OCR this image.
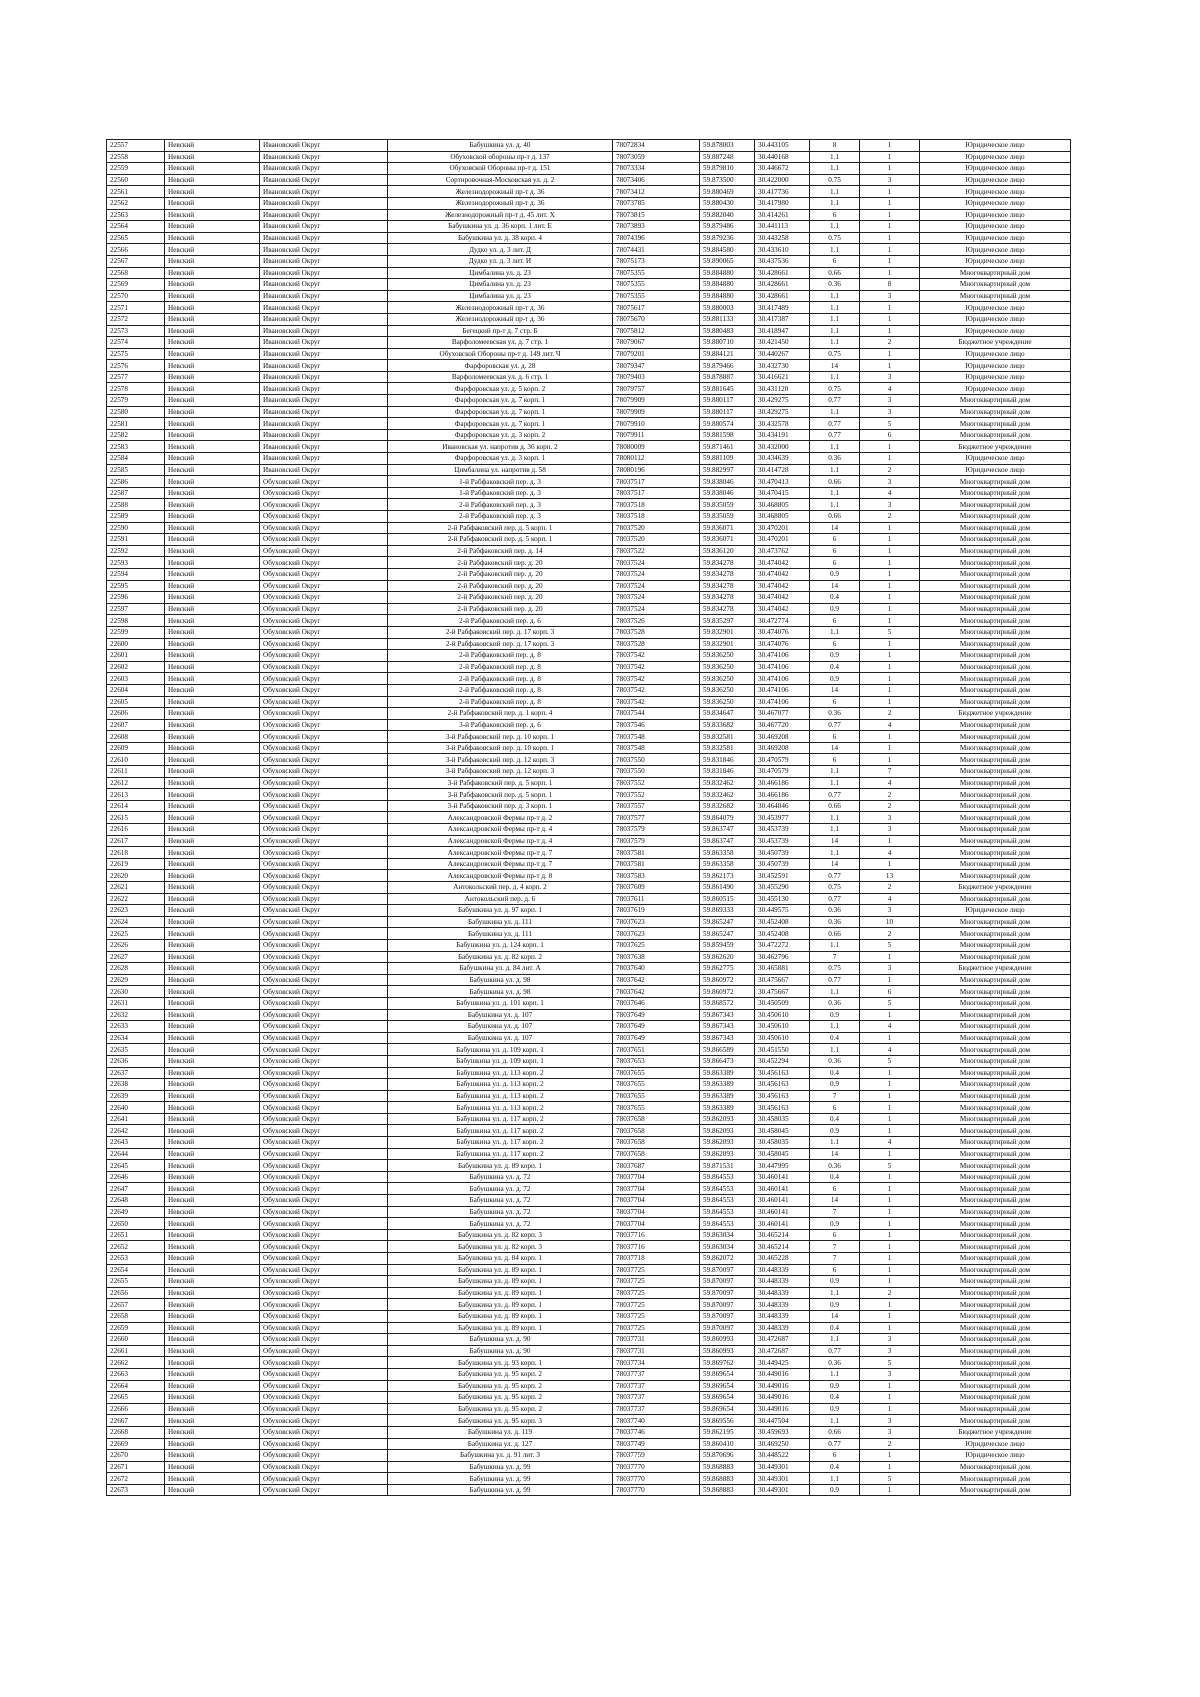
22557	Невский	Ивановский Округ	Бабушкина ул. д. 40	78072834	59.878003	30.443105	8	1	Юридическое лицо
22558	Невский	Ивановский Округ	Обуховской обороны пр-т д. 137	78073059	59.887248	30.440168	1.1	1	Юридическое лицо
22559	Невский	Ивановский Округ	Обуховской Обороны пр-т д. 151	78073334	59.879810	30.446672	1.1	1	Юридическое лицо
22560	Невский	Ивановский Округ	Сортировочная-Московская ул. д. 2	78073406	59.873500	30.422000	0.75	3	Юридическое лицо
22561	Невский	Ивановский Округ	Железнодорожный пр-т д. 36	78073412	59.880469	30.417736	1.1	1	Юридическое лицо
22562	Невский	Ивановский Округ	Железнодорожный пр-т д. 36	78073785	59.880430	30.417980	1.1	1	Юридическое лицо
22563	Невский	Ивановский Округ	Железнодорожный пр-т д. 45 лит. Х	78073815	59.882040	30.414261	6	1	Юридическое лицо
22564	Невский	Ивановский Округ	Бабушкина ул. д. 36 корп. 1 лит. Е	78073893	59.879486	30.441113	1.1	1	Юридическое лицо
22565	Невский	Ивановский Округ	Бабушкина ул. д. 38 корп. 4	78074396	59.879236	30.443258	0.75	1	Юридическое лицо
22566	Невский	Ивановский Округ	Дудко ул. д. 3 лит. Д	78074431	59.884580	30.433610	1.1	1	Юридическое лицо
22567	Невский	Ивановский Округ	Дудко ул. д. 3 лит. И	78075173	59.890065	30.437536	6	1	Юридическое лицо
22568	Невский	Ивановский Округ	Цимбалина ул. д. 23	78075355	59.884880	30.428661	0.66	1	Многоквартирный дом
22569	Невский	Ивановский Округ	Цимбалина ул. д. 23	78075355	59.884880	30.428661	0.36	8	Многоквартирный дом
22570	Невский	Ивановский Округ	Цимбалина ул. д. 23	78075355	59.884880	30.428661	1.1	3	Многоквартирный дом
22571	Невский	Ивановский Округ	Железнодорожный пр-т д. 36	78075617	59.880003	30.417489	1.1	1	Юридическое лицо
22572	Невский	Ивановский Округ	Железнодорожный пр-т д. 36	78075670	59.881133	30.417387	1.1	1	Юридическое лицо
22573	Невский	Ивановский Округ	Бегецкий пр-т д. 7 стр. Б	78075812	59.880483	30.418947	1.1	1	Юридическое лицо
22574	Невский	Ивановский Округ	Варфоломеевская ул. д. 7 стр. 1	78079067	59.880710	30.421450	1.1	2	Бюджетное учреждение
22575	Невский	Ивановский Округ	Обуховской Обороны пр-т д. 149 лит. Ч	78079201	59.884121	30.440267	0.75	1	Юридическое лицо
22576	Невский	Ивановский Округ	Фарфоровская ул. д. 28	78079347	59.879466	30.432730	14	1	Юридическое лицо
22577	Невский	Ивановский Округ	Варфоломеевская ул. д. 6 стр. 1	78079403	59.878887	30.416621	1.1	3	Юридическое лицо
22578	Невский	Ивановский Округ	Фарфоровская ул. д. 5 корп. 2	78079757	59.881645	30.431120	0.75	4	Юридическое лицо
22579	Невский	Ивановский Округ	Фарфоровская ул. д. 7 корп. 1	78079909	59.880117	30.429275	0.77	3	Многоквартирный дом
22580	Невский	Ивановский Округ	Фарфоровская ул. д. 7 корп. 1	78079909	59.880117	30.429275	1.1	3	Многоквартирный дом
22581	Невский	Ивановский Округ	Фарфоровская ул. д. 7 корп. 1	78079910	59.880574	30.432578	0.77	5	Многоквартирный дом
22582	Невский	Ивановский Округ	Фарфоровская ул. д. 3 корп. 2	78079911	59.881598	30.434191	0.77	6	Многоквартирный дом
22583	Невский	Ивановский Округ	Ивановская ул. напротив д. 36 корп. 2	78080009	59.871461	30.432000	1.1	1	Бюджетное учреждение
22584	Невский	Ивановский Округ	Фарфоровская ул. д. 3 корп. 1	78080112	59.881109	30.434639	0.36	1	Юридическое лицо
22585	Невский	Ивановский Округ	Цимбалина ул. напротив д. 58	78080196	59.882997	30.414728	1.1	2	Юридическое лицо
22586	Невский	Обуховский Округ	1-й Рабфаковский пер. д. 3	78037517	59.838046	30.470413	0.66	3	Многоквартирный дом
22587	Невский	Обуховский Округ	1-й Рабфаковский пер. д. 3	78037517	59.838046	30.470415	1.1	4	Многоквартирный дом
22588	Невский	Обуховский Округ	2-й Рабфаковский пер. д. 3	78037518	59.835059	30.468805	1.1	3	Многоквартирный дом
22589	Невский	Обуховский Округ	2-й Рабфаковский пер. д. 3	78037518	59.835059	30.468805	0.66	2	Многоквартирный дом
22590	Невский	Обуховский Округ	2-й Рабфаковский пер. д. 5 корп. 1	78037520	59.836071	30.470201	14	1	Многоквартирный дом
22591	Невский	Обуховский Округ	2-й Рабфаковский пер. д. 5 корп. 1	78037520	59.836071	30.470201	6	1	Многоквартирный дом
22592	Невский	Обуховский Округ	2-й Рабфаковский пер. д. 14	78037522	59.836120	30.473762	6	1	Многоквартирный дом
22593	Невский	Обуховский Округ	2-й Рабфаковский пер. д. 20	78037524	59.834278	30.474042	6	1	Многоквартирный дом
22594	Невский	Обуховский Округ	2-й Рабфаковский пер. д. 20	78037524	59.834278	30.474042	0.9	1	Многоквартирный дом
22595	Невский	Обуховский Округ	2-й Рабфаковский пер. д. 20	78037524	59.834278	30.474042	14	1	Многоквартирный дом
22596	Невский	Обуховский Округ	2-й Рабфаковский пер. д. 20	78037524	59.834278	30.474042	0.4	1	Многоквартирный дом
22597	Невский	Обуховский Округ	2-й Рабфаковский пер. д. 20	78037524	59.834278	30.474042	0.9	1	Многоквартирный дом
22598	Невский	Обуховский Округ	2-й Рабфаковский пер. д. 6	78037526	59.835297	30.472774	6	1	Многоквартирный дом
22599	Невский	Обуховский Округ	2-й Рабфаковский пер. д. 17 корп. 3	78037528	59.832901	30.474076	1.1	5	Многоквартирный дом
22600	Невский	Обуховский Округ	2-й Рабфаковский пер. д. 17 корп. 3	78037528	59.832901	30.474076	6	1	Многоквартирный дом
22601	Невский	Обуховский Округ	2-й Рабфаковский пер. д. 8	78037542	59.836250	30.474106	0.9	1	Многоквартирный дом
22602	Невский	Обуховский Округ	2-й Рабфаковский пер. д. 8	78037542	59.836250	30.474106	0.4	1	Многоквартирный дом
22603	Невский	Обуховский Округ	2-й Рабфаковский пер. д. 8	78037542	59.836250	30.474106	0.9	1	Многоквартирный дом
22604	Невский	Обуховский Округ	2-й Рабфаковский пер. д. 8	78037542	59.836250	30.474106	14	1	Многоквартирный дом
22605	Невский	Обуховский Округ	2-й Рабфаковский пер. д. 8	78037542	59.836250	30.474106	6	1	Многоквартирный дом
22606	Невский	Обуховский Округ	2-й Рабфаковский пер. д. 1 корп. 4	78037544	59.834647	30.467077	0.36	2	Бюджетное учреждение
22607	Невский	Обуховский Округ	3-й Рабфаковский пер. д. 6	78037546	59.833682	30.467720	0.77	4	Многоквартирный дом
22608	Невский	Обуховский Округ	3-й Рабфаковский пер. д. 10 корп. 1	78037548	59.832581	30.469208	6	1	Многоквартирный дом
22609	Невский	Обуховский Округ	3-й Рабфаковский пер. д. 10 корп. 1	78037548	59.832581	30.469208	14	1	Многоквартирный дом
22610	Невский	Обуховский Округ	3-й Рабфаковский пер. д. 12 корп. 3	78037550	59.831846	30.470579	6	1	Многоквартирный дом
22611	Невский	Обуховский Округ	3-й Рабфаковский пер. д. 12 корп. 3	78037550	59.831846	30.470579	1.1	7	Многоквартирный дом
22612	Невский	Обуховский Округ	3-й Рабфаковский пер. д. 5 корп. 1	78037552	59.832462	30.466186	1.1	4	Многоквартирный дом
22613	Невский	Обуховский Округ	3-й Рабфаковский пер. д. 5 корп. 1	78037552	59.832462	30.466186	0.77	2	Многоквартирный дом
22614	Невский	Обуховский Округ	3-й Рабфаковский пер. д. 3 корп. 1	78037557	59.832682	30.464846	0.66	2	Многоквартирный дом
22615	Невский	Обуховский Округ	Александровской Фермы пр-т д. 2	78037577	59.864079	30.453977	1.1	3	Многоквартирный дом
22616	Невский	Обуховский Округ	Александровской Фермы пр-т д. 4	78037579	59.863747	30.453739	1.1	3	Многоквартирный дом
22617	Невский	Обуховский Округ	Александровской Фермы пр-т д. 4	78037579	59.863747	30.453739	14	1	Многоквартирный дом
22618	Невский	Обуховский Округ	Александровской Фермы пр-т д. 7	78037581	59.863358	30.450739	1.1	4	Многоквартирный дом
22619	Невский	Обуховский Округ	Александровской Фермы пр-т д. 7	78037581	59.863358	30.450739	14	1	Многоквартирный дом
22620	Невский	Обуховский Округ	Александровской Фермы пр-т д. 8	78037583	59.862173	30.452591	0.77	13	Многоквартирный дом
22621	Невский	Обуховский Округ	Антокольский пер. д. 4 корп. 2	78037609	59.861490	30.455290	0.75	2	Бюджетное учреждение
22622	Невский	Обуховский Округ	Антокольский пер. д. 6	78037611	59.860515	30.455130	0.77	4	Многоквартирный дом
22623	Невский	Обуховский Округ	Бабушкина ул. д. 97 корп. 1	78037619	59.869333	30.449575	0.36	3	Юридическое лицо
22624	Невский	Обуховский Округ	Бабушкина ул. д. 111	78037623	59.865247	30.452408	0.36	10	Многоквартирный дом
22625	Невский	Обуховский Округ	Бабушкина ул. д. 111	78037623	59.865247	30.452408	0.66	2	Многоквартирный дом
22626	Невский	Обуховский Округ	Бабушкина ул. д. 124 корп. 1	78037625	59.859459	30.472272	1.1	5	Многоквартирный дом
22627	Невский	Обуховский Округ	Бабушкина ул. д. 82 корп. 2	78037638	59.862620	30.462796	7	1	Многоквартирный дом
22628	Невский	Обуховский Округ	Бабушкина ул. д. 84 лит. А	78037640	59.862775	30.465881	0.75	3	Бюджетное учреждение
22629	Невский	Обуховский Округ	Бабушкина ул. д. 98	78037642	59.860972	30.475667	0.77	1	Многоквартирный дом
22630	Невский	Обуховский Округ	Бабушкина ул. д. 98	78037642	59.860972	30.475667	1.1	6	Многоквартирный дом
22631	Невский	Обуховский Округ	Бабушкина ул. д. 101 корп. 1	78037646	59.868572	30.450509	0.36	5	Многоквартирный дом
22632	Невский	Обуховский Округ	Бабушкина ул. д. 107	78037649	59.867343	30.450610	0.9	1	Многоквартирный дом
22633	Невский	Обуховский Округ	Бабушкина ул. д. 107	78037649	59.867343	30.450610	1.1	4	Многоквартирный дом
22634	Невский	Обуховский Округ	Бабушкина ул. д. 107	78037649	59.867343	30.450610	0.4	1	Многоквартирный дом
22635	Невский	Обуховский Округ	Бабушкина ул. д. 109 корп. 1	78037651	59.866589	30.451550	1.1	4	Многоквартирный дом
22636	Невский	Обуховский Округ	Бабушкина ул. д. 109 корп. 1	78037653	59.866473	30.452294	0.36	5	Многоквартирный дом
22637	Невский	Обуховский Округ	Бабушкина ул. д. 113 корп. 2	78037655	59.863389	30.456163	0.4	1	Многоквартирный дом
22638	Невский	Обуховский Округ	Бабушкина ул. д. 113 корп. 2	78037655	59.863389	30.456163	0.9	1	Многоквартирный дом
22639	Невский	Обуховский Округ	Бабушкина ул. д. 113 корп. 2	78037655	59.863389	30.456163	7	1	Многоквартирный дом
22640	Невский	Обуховский Округ	Бабушкина ул. д. 113 корп. 2	78037655	59.863389	30.456163	6	1	Многоквартирный дом
22641	Невский	Обуховский Округ	Бабушкина ул. д. 117 корп. 2	78037658	59.862093	30.458035	0.4	1	Многоквартирный дом
22642	Невский	Обуховский Округ	Бабушкина ул. д. 117 корп. 2	78037658	59.862093	30.458045	0.9	1	Многоквартирный дом
22643	Невский	Обуховский Округ	Бабушкина ул. д. 117 корп. 2	78037658	59.862093	30.458035	1.1	4	Многоквартирный дом
22644	Невский	Обуховский Округ	Бабушкина ул. д. 117 корп. 2	78037658	59.862093	30.458045	14	1	Многоквартирный дом
22645	Невский	Обуховский Округ	Бабушкина ул. д. 89 корп. 1	78037687	59.871531	30.447995	0.36	5	Многоквартирный дом
22646	Невский	Обуховский Округ	Бабушкина ул. д. 72	78037704	59.864553	30.460141	0.4	1	Многоквартирный дом
22647	Невский	Обуховский Округ	Бабушкина ул. д. 72	78037704	59.864553	30.460141	6	1	Многоквартирный дом
22648	Невский	Обуховский Округ	Бабушкина ул. д. 72	78037704	59.864553	30.460141	14	1	Многоквартирный дом
22649	Невский	Обуховский Округ	Бабушкина ул. д. 72	78037704	59.864553	30.460141	7	1	Многоквартирный дом
22650	Невский	Обуховский Округ	Бабушкина ул. д. 72	78037704	59.864553	30.460141	0.9	1	Многоквартирный дом
22651	Невский	Обуховский Округ	Бабушкина ул. д. 82 корп. 3	78037716	59.863034	30.465214	6	1	Многоквартирный дом
22652	Невский	Обуховский Округ	Бабушкина ул. д. 82 корп. 3	78037716	59.863034	30.465214	7	1	Многоквартирный дом
22653	Невский	Обуховский Округ	Бабушкина ул. д. 84 корп. 1	78037718	59.862072	30.465228	7	1	Многоквартирный дом
22654	Невский	Обуховский Округ	Бабушкина ул. д. 89 корп. 1	78037725	59.870097	30.448339	6	1	Многоквартирный дом
22655	Невский	Обуховский Округ	Бабушкина ул. д. 89 корп. 1	78037725	59.870097	30.448339	0.9	1	Многоквартирный дом
22656	Невский	Обуховский Округ	Бабушкина ул. д. 89 корп. 1	78037725	59.870097	30.448339	1.1	2	Многоквартирный дом
22657	Невский	Обуховский Округ	Бабушкина ул. д. 89 корп. 1	78037725	59.870097	30.448339	0.9	1	Многоквартирный дом
22658	Невский	Обуховский Округ	Бабушкина ул. д. 89 корп. 1	78037725	59.870097	30.448339	14	1	Многоквартирный дом
22659	Невский	Обуховский Округ	Бабушкина ул. д. 89 корп. 1	78037725	59.870097	30.448339	0.4	1	Многоквартирный дом
22660	Невский	Обуховский Округ	Бабушкина ул. д. 90	78037731	59.860993	30.472687	1.1	3	Многоквартирный дом
22661	Невский	Обуховский Округ	Бабушкина ул. д. 90	78037731	59.860993	30.472687	0.77	3	Многоквартирный дом
22662	Невский	Обуховский Округ	Бабушкина ул. д. 93 корп. 1	78037734	59.869762	30.449425	0.36	5	Многоквартирный дом
22663	Невский	Обуховский Округ	Бабушкина ул. д. 95 корп. 2	78037737	59.869654	30.449016	1.1	3	Многоквартирный дом
22664	Невский	Обуховский Округ	Бабушкина ул. д. 95 корп. 2	78037737	59.869654	30.449016	0.9	1	Многоквартирный дом
22665	Невский	Обуховский Округ	Бабушкина ул. д. 95 корп. 2	78037737	59.869654	30.449016	0.4	1	Многоквартирный дом
22666	Невский	Обуховский Округ	Бабушкина ул. д. 95 корп. 2	78037737	59.869654	30.449016	0.9	1	Многоквартирный дом
22667	Невский	Обуховский Округ	Бабушкина ул. д. 95 корп. 3	78037740	59.869556	30.447504	1.1	3	Многоквартирный дом
22668	Невский	Обуховский Округ	Бабушкина ул. д. 119	78037746	59.862195	30.459693	0.66	3	Бюджетное учреждение
22669	Невский	Обуховский Округ	Бабушкина ул. д. 127	78037749	59.860410	30.469250	0.77	2	Юридическое лицо
22670	Невский	Обуховский Округ	Бабушкина ул. д. 91 лит. З	78037759	59.870696	30.448522	6	1	Юридическое лицо
22671	Невский	Обуховский Округ	Бабушкина ул. д. 99	78037770	59.868883	30.449301	0.4	1	Многоквартирный дом
22672	Невский	Обуховский Округ	Бабушкина ул. д. 99	78037770	59.868883	30.449301	1.1	5	Многоквартирный дом
22673	Невский	Обуховский Округ	Бабушкина ул. д. 99	78037770	59.868883	30.449301	0.9	1	Многоквартирный дом
